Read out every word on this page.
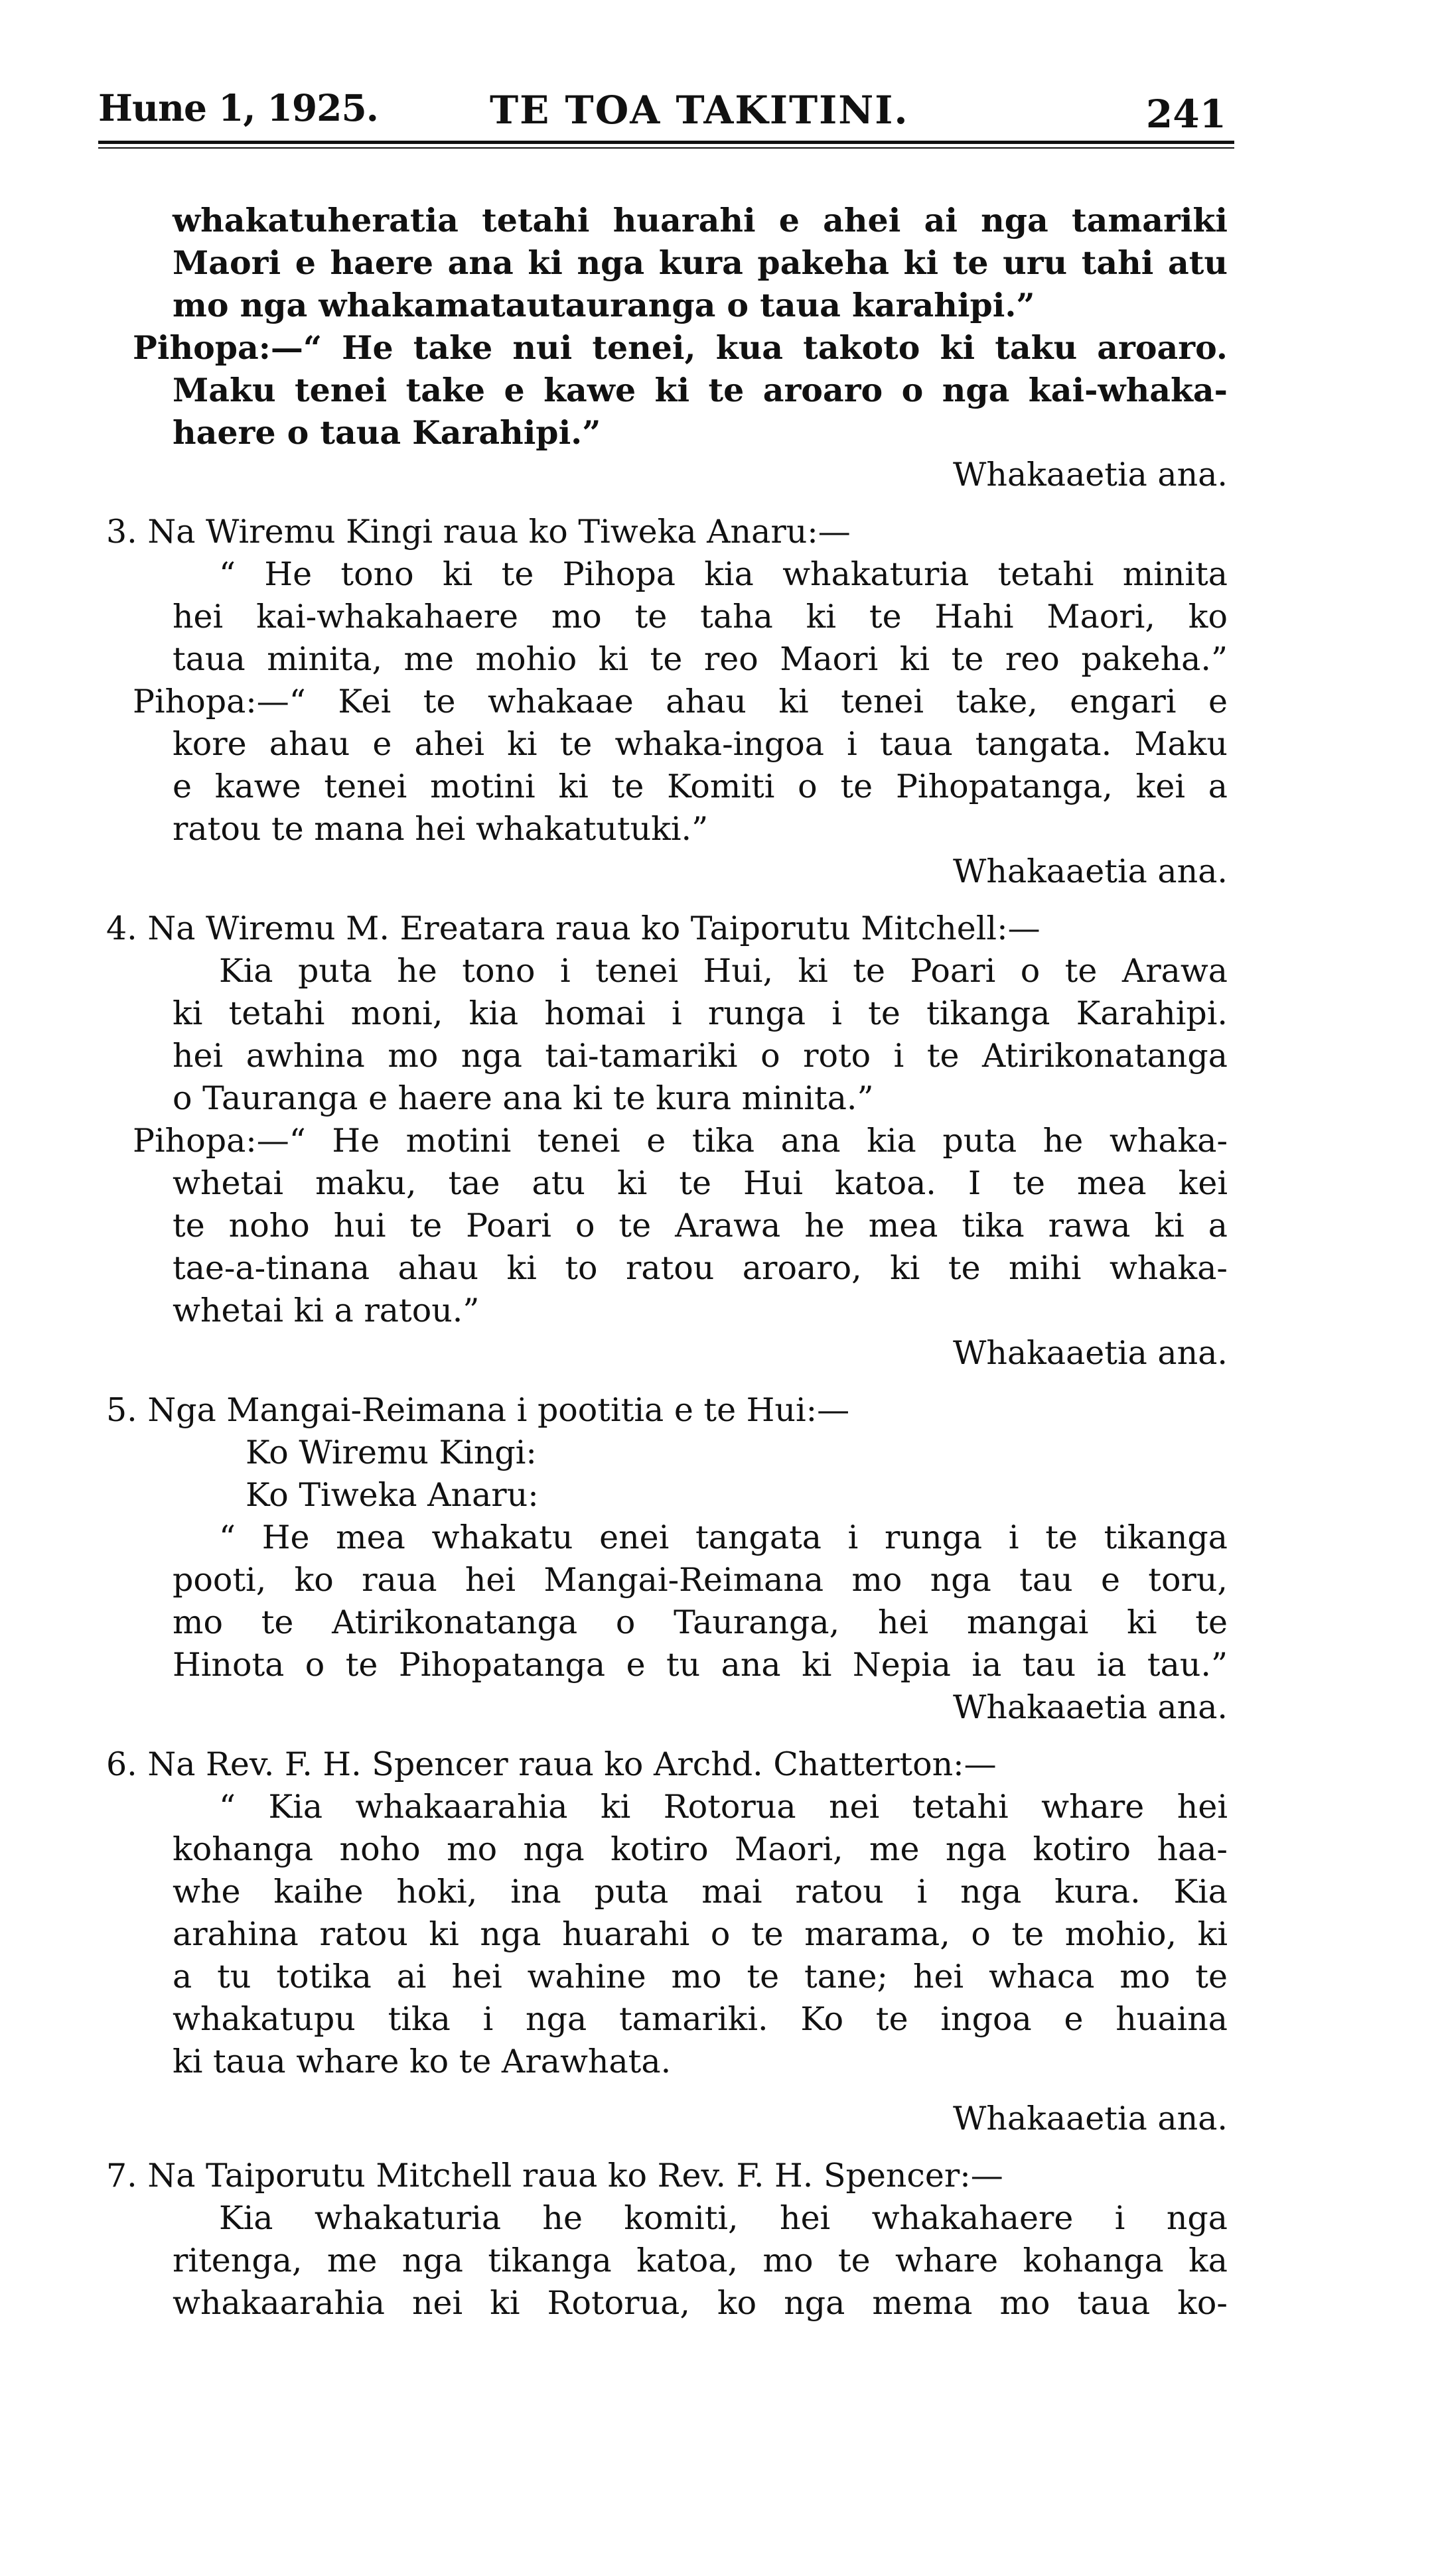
Hune 1, 1925.	TE TOA TAKITINI.	241
whakatuheratia tetahi huarahi e ahei ai nga tamariki
Maori e haere ana ki nga kura pakeha ki te uru tahi atu
mo nga whakamatautauranga o taua karahipi.”
Pihopa:—“ He take nui tenei, kua takoto ki taku aroaro.
Maku tenei take e kawe ki te aroaro o nga kai-whaka-
haere o taua Karahipi.”
Whakaaetia ana.
3. Na Wiremu Kingi raua ko Tiweka Anaru:—
“ He tono ki te Pihopa kia whakaturia tetahi minita
hei kai-whakahaere mo te taha ki te Hahi Maori, ko
taua minita, me mohio ki te reo Maori ki te reo pakeha.”
Pihopa:—“ Kei te whakaae ahau ki tenei take, engari e
kore ahau e ahei ki te whaka-ingoa i taua tangata. Maku
e kawe tenei motini ki te Komiti o te Pihopatanga, kei a
ratou te mana hei whakatutuki.”
Whakaaetia ana.
4. Na Wiremu M. Ereatara raua ko Taiporutu Mitchell:—
Kia puta he tono i tenei Hui, ki te Poari o te Arawa
ki tetahi moni, kia homai i runga i te tikanga Karahipi.
hei awhina mo nga tai-tamariki o roto i te Atirikonatanga
o Tauranga e haere ana ki te kura minita.”
Pihopa:—“ He motini tenei e tika ana kia puta he whaka-
whetai maku, tae atu ki te Hui katoa. I te mea kei
te noho hui te Poari o te Arawa he mea tika rawa ki a
tae-a-tinana ahau ki to ratou aroaro, ki te mihi whaka-
whetai ki a ratou.”
Whakaaetia ana.
5. Nga Mangai-Reimana i pootitia e te Hui:—
Ko Wiremu Kingi:
Ko Tiweka Anaru:
“ He mea whakatu enei tangata i runga i te tikanga
pooti, ko raua hei Mangai-Reimana mo nga tau e toru,
mo te Atirikonatanga o Tauranga, hei mangai ki te
Hinota o te Pihopatanga e tu ana ki Nepia ia tau ia tau.”
Whakaaetia ana.
6. Na Rev. F. H. Spencer raua ko Archd. Chatterton:—
“ Kia whakaarahia ki Rotorua nei tetahi whare hei
kohanga noho mo nga kotiro Maori, me nga kotiro haa-
whe kaihe hoki, ina puta mai ratou i nga kura. Kia
arahina ratou ki nga huarahi o te marama, o te mohio, ki
a tu totika ai hei wahine mo te tane; hei whaca mo te
whakatupu tika i nga tamariki. Ko te ingoa e huaina
ki taua whare ko te Arawhata.
Whakaaetia ana.
7. Na Taiporutu Mitchell raua ko Rev. F. H. Spencer:—
Kia whakaturia he komiti, hei whakahaere i nga
ritenga, me nga tikanga katoa, mo te whare kohanga ka
whakaarahia nei ki Rotorua, ko nga mema mo taua ko-
